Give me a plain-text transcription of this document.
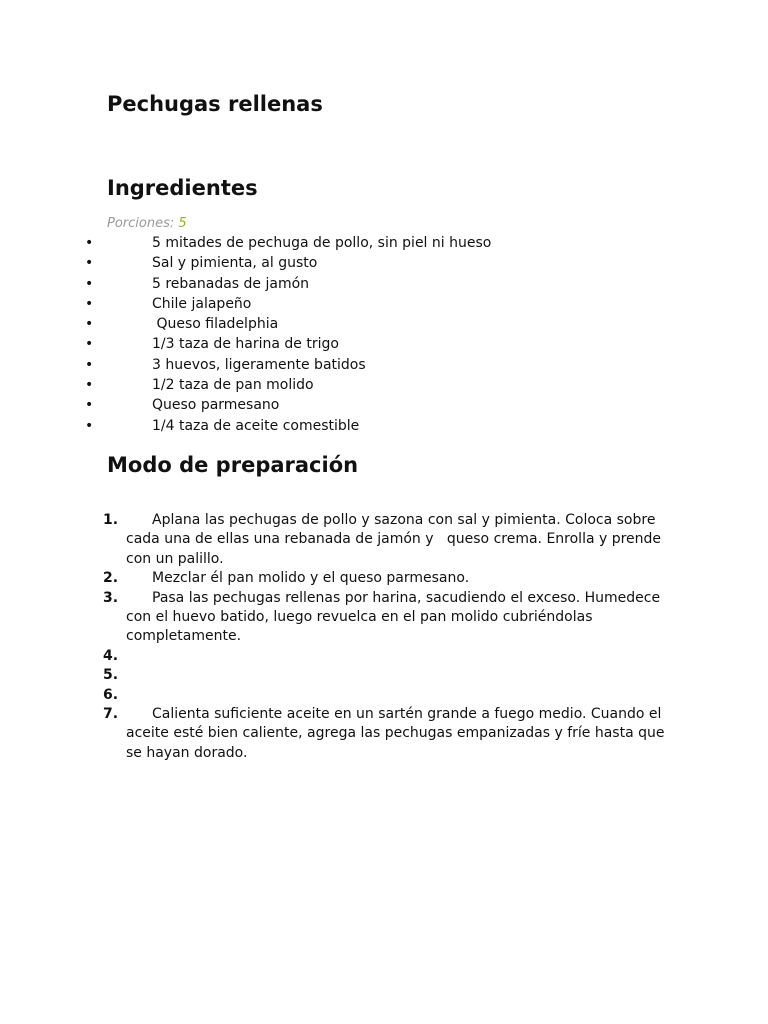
Pechugas rellenas
Ingredientes
Porciones: 5
•	5 mitades de pechuga de pollo, sin piel ni hueso
•	Sal y pimienta, al gusto
•	5 rebanadas de jamón
•	Chile jalapeño
•	Queso filadelphia
•	1/3 taza de harina de trigo
•	3 huevos, ligeramente batidos
•	1/2 taza de pan molido
•	Queso parmesano
•	1/4 taza de aceite comestible
Modo de preparación
1.	Aplana las pechugas de pollo y sazona con sal y pimienta. Coloca sobre cada una de ellas una rebanada de jamón y   queso crema. Enrolla y prende con un palillo.
2.	Mezclar él pan molido y el queso parmesano.
3.	Pasa las pechugas rellenas por harina, sacudiendo el exceso. Humedece con el huevo batido, luego revuelca en el pan molido cubriéndolas completamente.
4.
5.
6.
7.	Calienta suficiente aceite en un sartén grande a fuego medio. Cuando el aceite esté bien caliente, agrega las pechugas empanizadas y fríe hasta que se hayan dorado.
